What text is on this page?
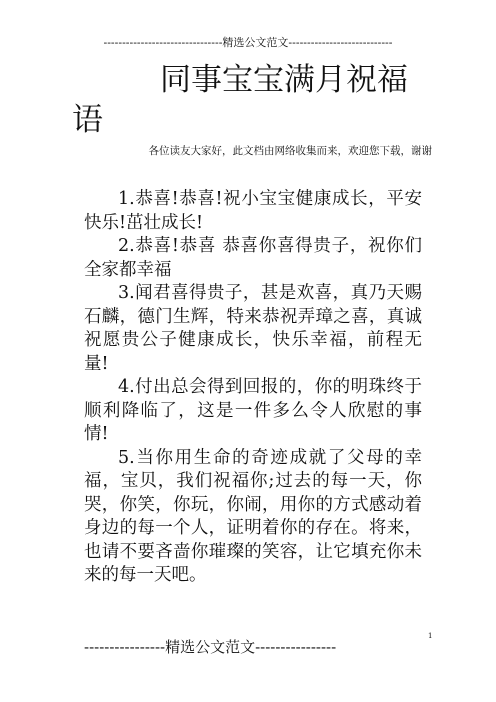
--------------------------------精选公文范文----------------------------
同事宝宝满月祝福语
各位读友大家好，此文档由网络收集而来，欢迎您下载，谢谢

1.恭喜!恭喜!祝小宝宝健康成长，平安快乐!茁壮成长!

2.恭喜!恭喜 恭喜你喜得贵子，祝你们全家都幸福

3.闻君喜得贵子，甚是欢喜，真乃天赐石麟，德门生辉，特来恭祝弄璋之喜，真诚祝愿贵公子健康成长，快乐幸福，前程无量!

4.付出总会得到回报的，你的明珠终于顺利降临了，这是一件多么令人欣慰的事情!

5.当你用生命的奇迹成就了父母的幸福，宝贝，我们祝福你;过去的每一天，你哭，你笑，你玩，你闹，用你的方式感动着身边的每一个人，证明着你的存在。将来，也请不要吝啬你璀璨的笑容，让它填充你未来的每一天吧。

----------------精选公文范文----------------
1
